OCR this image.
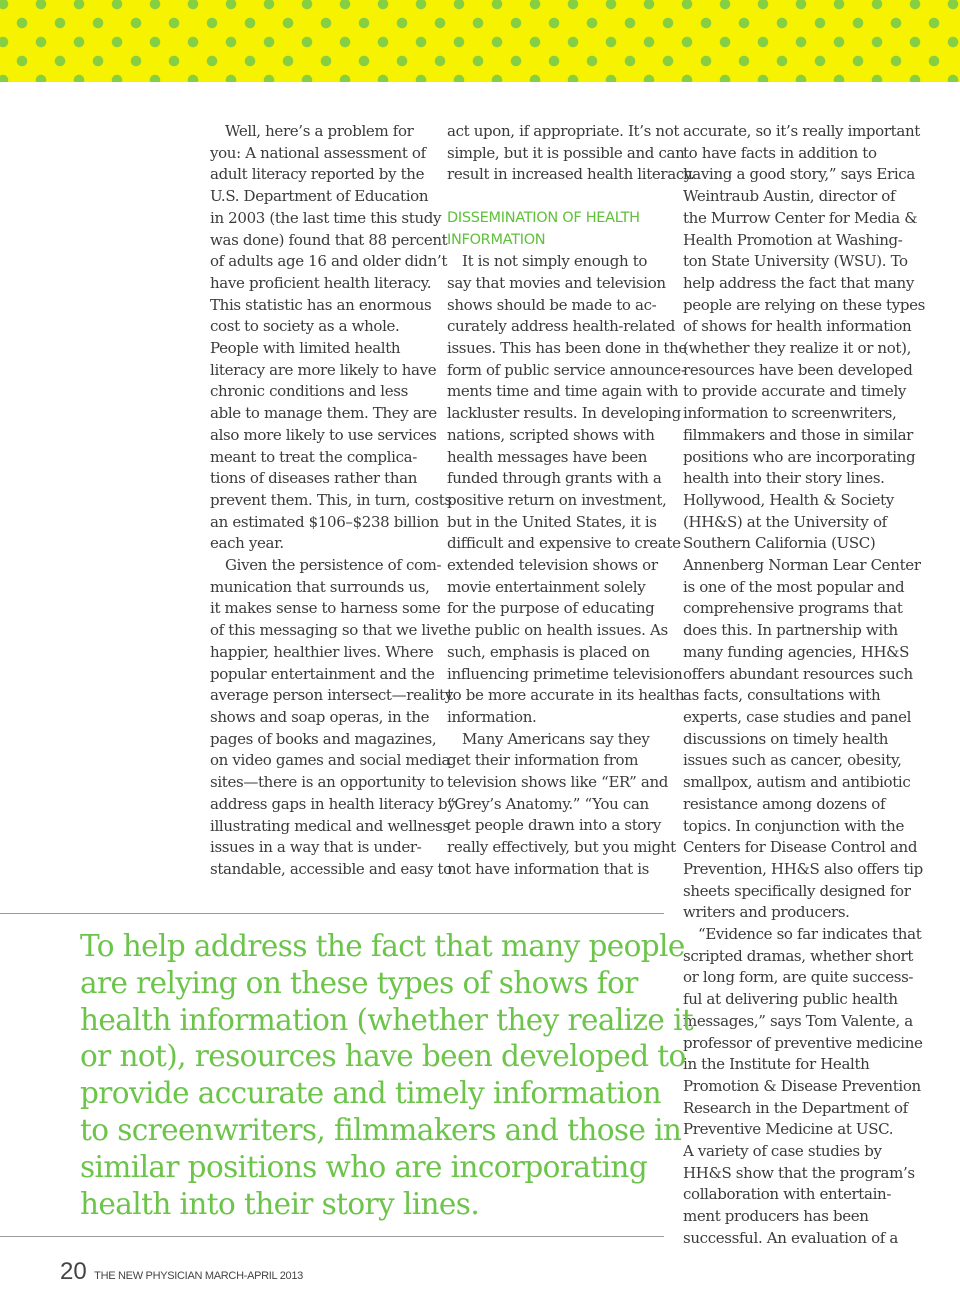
Well, here’s a problem for
you: A national assessment of
adult literacy reported by the
U.S. Department of Education
in 2003 (the last time this study
was done) found that 88 percent
of adults age 16 and older didn’t
have proficient health literacy.
This statistic has an enormous
cost to society as a whole.
People with limited health
literacy are more likely to have
chronic conditions and less
able to manage them. They are
also more likely to use services
meant to treat the complica-
tions of diseases rather than
prevent them. This, in turn, costs
an estimated $106–$238 billion
each year.
Given the persistence of com-
munication that surrounds us,
it makes sense to harness some
of this messaging so that we live
happier, healthier lives. Where
popular entertainment and the
average person intersect—reality
shows and soap operas, in the
pages of books and magazines,
on video games and social media
sites—there is an opportunity to
address gaps in health literacy by
illustrating medical and wellness
issues in a way that is under-
standable, accessible and easy to
act upon, if appropriate. It’s not
simple, but it is possible and can
result in increased health literacy.
DISSEMINATION OF HEALTH
INFORMATION
It is not simply enough to
say that movies and television
shows should be made to ac-
curately address health-related
issues. This has been done in the
form of public service announce-
ments time and time again with
lackluster results. In developing
nations, scripted shows with
health messages have been
funded through grants with a
positive return on investment,
but in the United States, it is
difficult and expensive to create
extended television shows or
movie entertainment solely
for the purpose of educating
the public on health issues. As
such, emphasis is placed on
influencing primetime television
to be more accurate in its health
information.
Many Americans say they
get their information from
television shows like “ER” and
“Grey’s Anatomy.” “You can
get people drawn into a story
really effectively, but you might
not have information that is
accurate, so it’s really important
to have facts in addition to
having a good story,” says Erica
Weintraub Austin, director of
the Murrow Center for Media &
Health Promotion at Washing-
ton State University (WSU). To
help address the fact that many
people are relying on these types
of shows for health information
(whether they realize it or not),
resources have been developed
to provide accurate and timely
information to screenwriters,
filmmakers and those in similar
positions who are incorporating
health into their story lines.
Hollywood, Health & Society
(HH&S) at the University of
Southern California (USC)
Annenberg Norman Lear Center
is one of the most popular and
comprehensive programs that
does this. In partnership with
many funding agencies, HH&S
offers abundant resources such
as facts, consultations with
experts, case studies and panel
discussions on timely health
issues such as cancer, obesity,
smallpox, autism and antibiotic
resistance among dozens of
topics. In conjunction with the
Centers for Disease Control and
Prevention, HH&S also offers tip
sheets specifically designed for
writers and producers.
“Evidence so far indicates that
scripted dramas, whether short
or long form, are quite success-
ful at delivering public health
messages,” says Tom Valente, a
professor of preventive medicine
in the Institute for Health
Promotion & Disease Prevention
Research in the Department of
Preventive Medicine at USC.
A variety of case studies by
HH&S show that the program’s
collaboration with entertain-
ment producers has been
successful. An evaluation of a
To help address the fact that many people
are relying on these types of shows for
health information (whether they realize it
or not), resources have been developed to
provide accurate and timely information
to screenwriters, filmmakers and those in
similar positions who are incorporating
health into their story lines.
20 THE NEW PHYSICIAN MARCH-APRIL 2013
